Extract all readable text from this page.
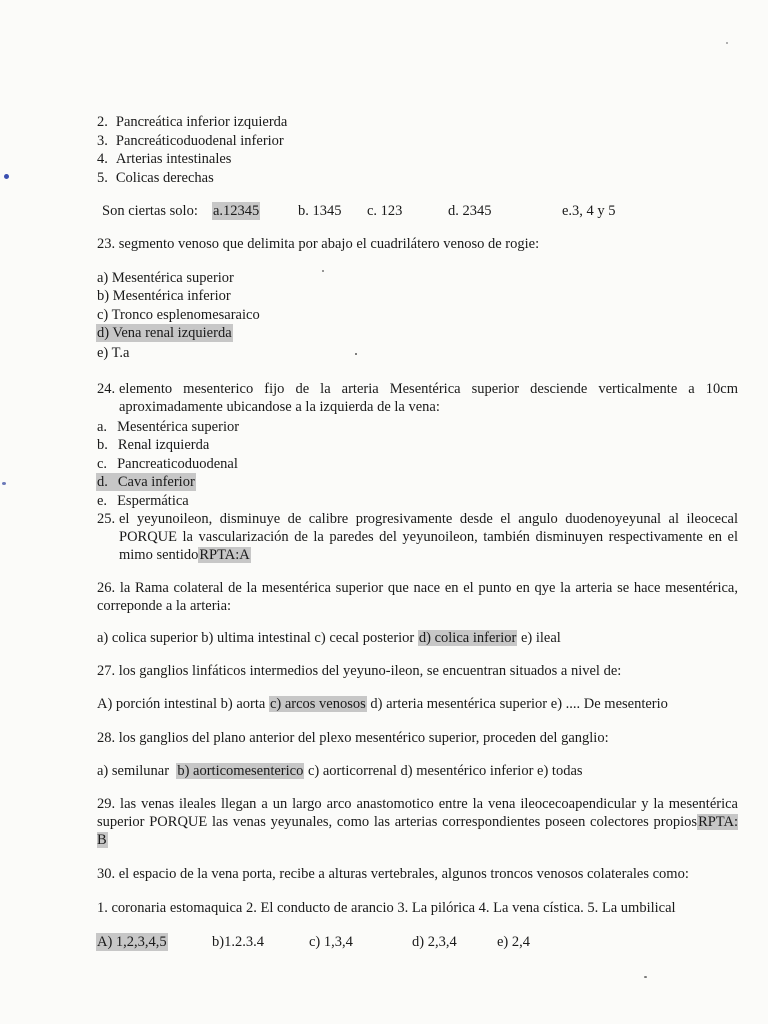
2. Pancreática inferior izquierda
3. Pancreáticoduodenal inferior
4. Arterias intestinales
5. Colicas derechas
Son ciertas solo: a.12345	b. 1345 c. 123	d. 2345	e.3, 4 y 5
23. segmento venoso que delimita por abajo el cuadrilátero venoso de rogie:
a) Mesentérica superior
b) Mesentérica inferior
c) Tronco esplenomesaraico
d) Vena renal izquierda
e) T.a
24. elemento mesenterico fijo de la arteria Mesentérica superior desciende verticalmente a 10cm aproximadamente ubicandose a la izquierda de la vena:
a. Mesentérica superior
b. Renal izquierda
c. Pancreaticoduodenal
d. Cava inferior
e. Espermática
25. el yeyunoileon, disminuye de calibre progresivamente desde el angulo duodenoyeyunal al ileocecal PORQUE la vascularización de la paredes del yeyunoileon, también disminuyen respectivamente en el mimo sentidoRPTA:A
26. la Rama colateral de la mesentérica superior que nace en el punto en qye la arteria se hace mesentérica, correponde a la arteria:
a) colica superior b) ultima intestinal c) cecal posterior d) colica inferior e) ileal
27. los ganglios linfáticos intermedios del yeyuno-ileon, se encuentran situados a nivel de:
A) porción intestinal b) aorta c) arcos venosos d) arteria mesentérica superior e) .... De mesenterio
28. los ganglios del plano anterior del plexo mesentérico superior, proceden del ganglio:
a) semilunar  b) aorticomesenterico c) aorticorrenal d) mesentérico inferior e) todas
29. las venas ileales llegan a un largo arco anastomotico entre la vena ileocecoapendicular y la mesentérica superior PORQUE las venas yeyunales, como las arterias correspondientes poseen colectores propiosRPTA: B
30. el espacio de la vena porta, recibe a alturas vertebrales, algunos troncos venosos colaterales como:
1. coronaria estomaquica 2. El conducto de arancio 3. La pilórica 4. La vena cística. 5. La umbilical
A) 1,2,3,4,5	b)1.2.3.4	c) 1,3,4	d) 2,3,4	e) 2,4
